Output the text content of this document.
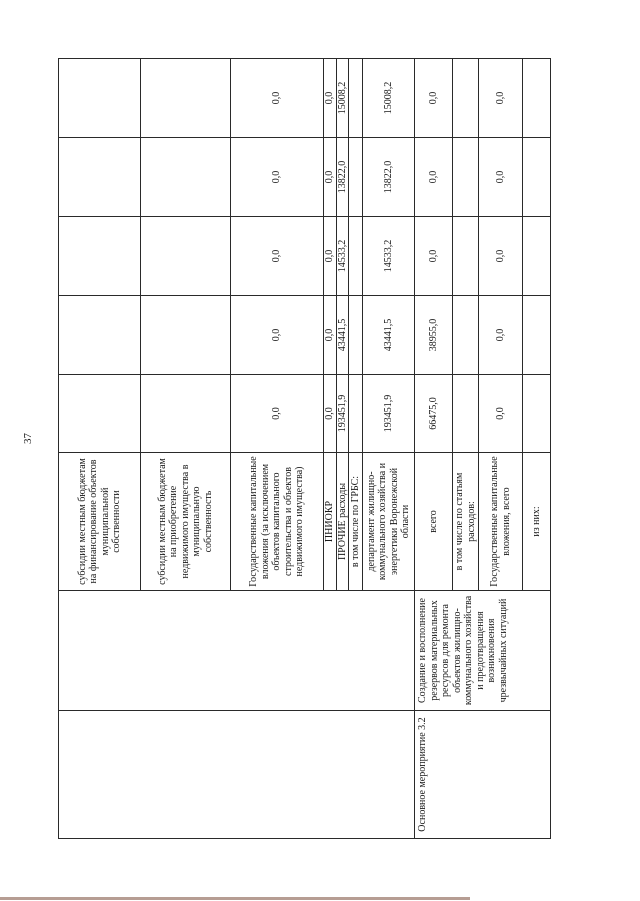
37
		субсидии местным бюджетам на финансирование объектов муниципальной собственности					
		субсидии местным бюджетам на приобретение недвижимого имущества в муниципальную собственность					
		Государственные капитальные вложения (за исключением объектов капитального строительства и объектов недвижимого имущества)	0,0	0,0	0,0	0,0	0,0
		ПНИОКР	0,0	0,0	0,0	0,0	0,0
		ПРОЧИЕ расходы	193451,9	43441,5	14533,2	13822,0	15008,2
		в том числе по ГРБС:					
		департамент жилищно-коммунального хозяйства и энергетики Воронежской области	193451,9	43441,5	14533,2	13822,0	15008,2
Основное мероприятие 3.2	Создание и восполнение резервов материальных ресурсов для ремонта объектов жилищно-коммунального хозяйства и предотвращения возникновения чрезвычайных ситуаций	всего	66475,0	38955,0	0,0	0,0	0,0
		в том числе по статьям расходов:					
		Государственные капитальные вложения, всего	0,0	0,0	0,0	0,0	0,0
		из них:					
